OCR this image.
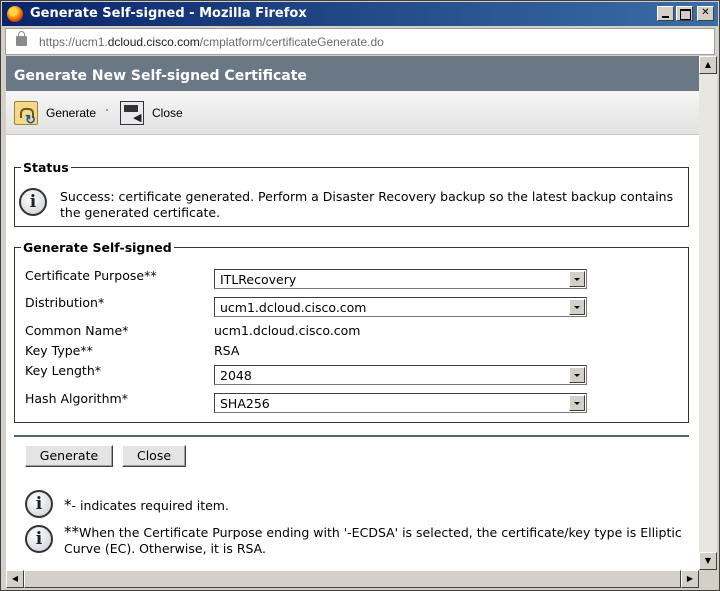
Generate Self-signed - Mozilla Firefox	✕
https://ucm1.dcloud.cisco.com/cmplatform/certificateGenerate.do
Generate New Self-signed Certificate
↻
Generate
◀	Close
Status
i	Success: certificate generated. Perform a Disaster Recovery backup so the latest backup contains the generated certificate.
Generate Self-signed
Certificate Purpose**	ITLRecovery
Distribution*	ucm1.dcloud.cisco.com
Common Name*	ucm1.dcloud.cisco.com
Key Type**	RSA
Key Length*	2048
Hash Algorithm*	SHA256
Generate	Close
i	*- indicates required item.
i	**When the Certificate Purpose ending with '-ECDSA' is selected, the certificate/key type is Elliptic Curve (EC). Otherwise, it is RSA.
▲
▼
◀	▶
